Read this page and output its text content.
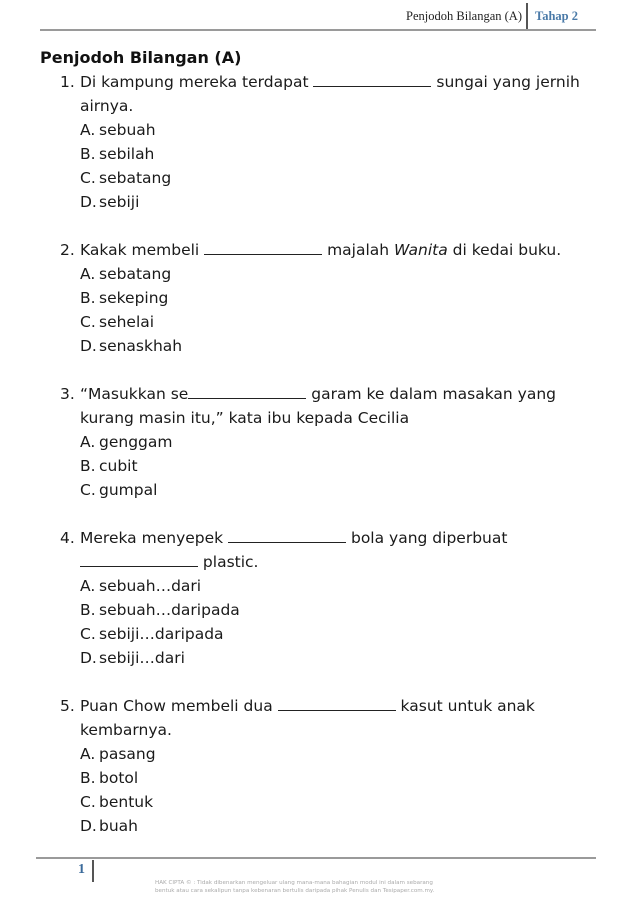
Penjodoh Bilangan (A) Tahap 2
Penjodoh Bilangan (A)
1. Di kampung mereka terdapat	sungai yang jernih
airnya.
A. sebuah
B. sebilah
C. sebatang
D. sebiji
2. Kakak membeli	majalah Wanita di kedai buku.
A. sebatang
B. sekeping
C. sehelai
D. senaskhah
3. “Masukkan se	garam ke dalam masakan yang
kurang masin itu,” kata ibu kepada Cecilia
A. genggam
B. cubit
C. gumpal
4. Mereka menyepek	bola yang diperbuat
plastic.
A. sebuah…dari
B. sebuah…daripada
C. sebiji…daripada
D. sebiji…dari
5. Puan Chow membeli dua	kasut untuk anak
kembarnya.
A. pasang
B. botol
C. bentuk
D. buah
1
HAK CIPTA © : Tidak dibenarkan mengeluar ulang mana-mana bahagian modul ini dalam sebarang
bentuk atau cara sekalipun tanpa kebenaran bertulis daripada pihak Penulis dan Tesipaper.com.my.
